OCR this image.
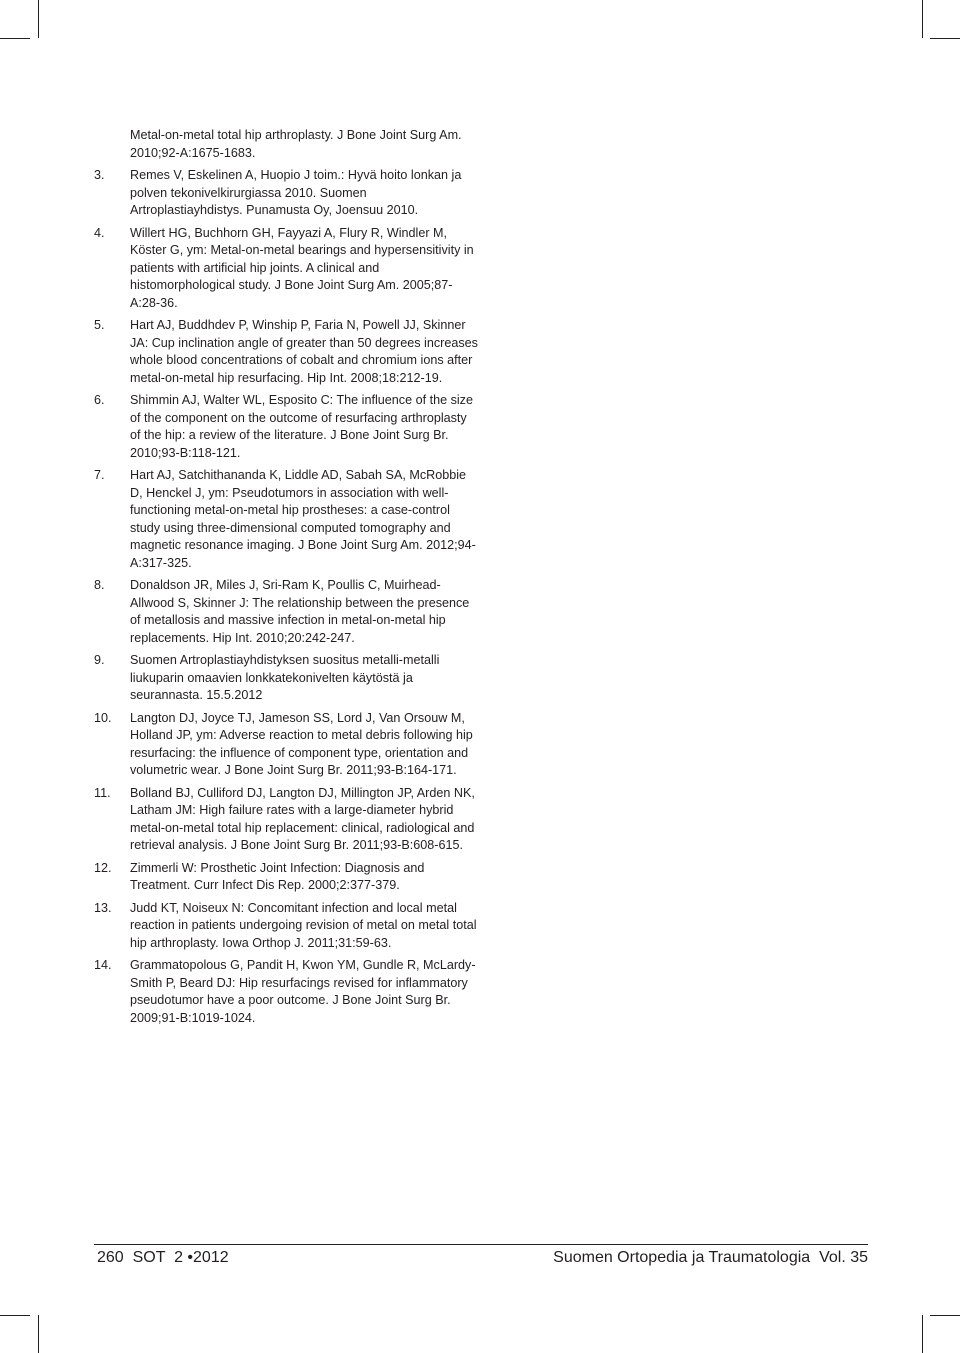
Metal-on-metal total hip arthroplasty. J Bone Joint Surg Am. 2010;92-A:1675-1683.
3.	Remes V, Eskelinen A, Huopio J toim.: Hyvä hoito lonkan ja polven tekonivelkirurgiassa 2010. Suomen Artroplastiayhdistys. Punamusta Oy, Joensuu 2010.
4.	Willert HG, Buchhorn GH, Fayyazi A, Flury R, Windler M, Köster G, ym: Metal-on-metal bearings and hypersensitivity in patients with artificial hip joints. A clinical and histomorphological study. J Bone Joint Surg Am. 2005;87-A:28-36.
5.	Hart AJ, Buddhdev P, Winship P, Faria N, Powell JJ, Skinner JA: Cup inclination angle of greater than 50 degrees increases whole blood concentrations of cobalt and chromium ions after metal-on-metal hip resurfacing. Hip Int. 2008;18:212-19.
6.	Shimmin AJ, Walter WL, Esposito C: The influence of the size of the component on the outcome of resurfacing arthroplasty of the hip: a review of the literature. J Bone Joint Surg Br. 2010;93-B:118-121.
7.	Hart AJ, Satchithananda K, Liddle AD, Sabah SA, McRobbie D, Henckel J, ym: Pseudotumors in association with well-functioning metal-on-metal hip prostheses: a case-control study using three-dimensional computed tomography and magnetic resonance imaging. J Bone Joint Surg Am. 2012;94-A:317-325.
8.	Donaldson JR, Miles J, Sri-Ram K, Poullis C, Muirhead-Allwood S, Skinner J: The relationship between the presence of metallosis and massive infection in metal-on-metal hip replacements. Hip Int. 2010;20:242-247.
9.	Suomen Artroplastiayhdistyksen suositus metalli-metalli liukuparin omaavien lonkkatekonivelten käytöstä ja seurannasta. 15.5.2012
10.	Langton DJ, Joyce TJ, Jameson SS, Lord J, Van Orsouw M, Holland JP, ym: Adverse reaction to metal debris following hip resurfacing: the influence of component type, orientation and volumetric wear. J Bone Joint Surg Br. 2011;93-B:164-171.
11.	Bolland BJ, Culliford DJ, Langton DJ, Millington JP, Arden NK, Latham JM: High failure rates with a large-diameter hybrid metal-on-metal total hip replacement: clinical, radiological and retrieval analysis. J Bone Joint Surg Br. 2011;93-B:608-615.
12.	Zimmerli W: Prosthetic Joint Infection: Diagnosis and Treatment. Curr Infect Dis Rep. 2000;2:377-379.
13.	Judd KT, Noiseux N: Concomitant infection and local metal reaction in patients undergoing revision of metal on metal total hip arthroplasty. Iowa Orthop J. 2011;31:59-63.
14.	Grammatopolous G, Pandit H, Kwon YM, Gundle R, McLardy-Smith P, Beard DJ: Hip resurfacings revised for inflammatory pseudotumor have a poor outcome. J Bone Joint Surg Br. 2009;91-B:1019-1024.
260  SOT  2 •2012	Suomen Ortopedia ja Traumatologia  Vol. 35
